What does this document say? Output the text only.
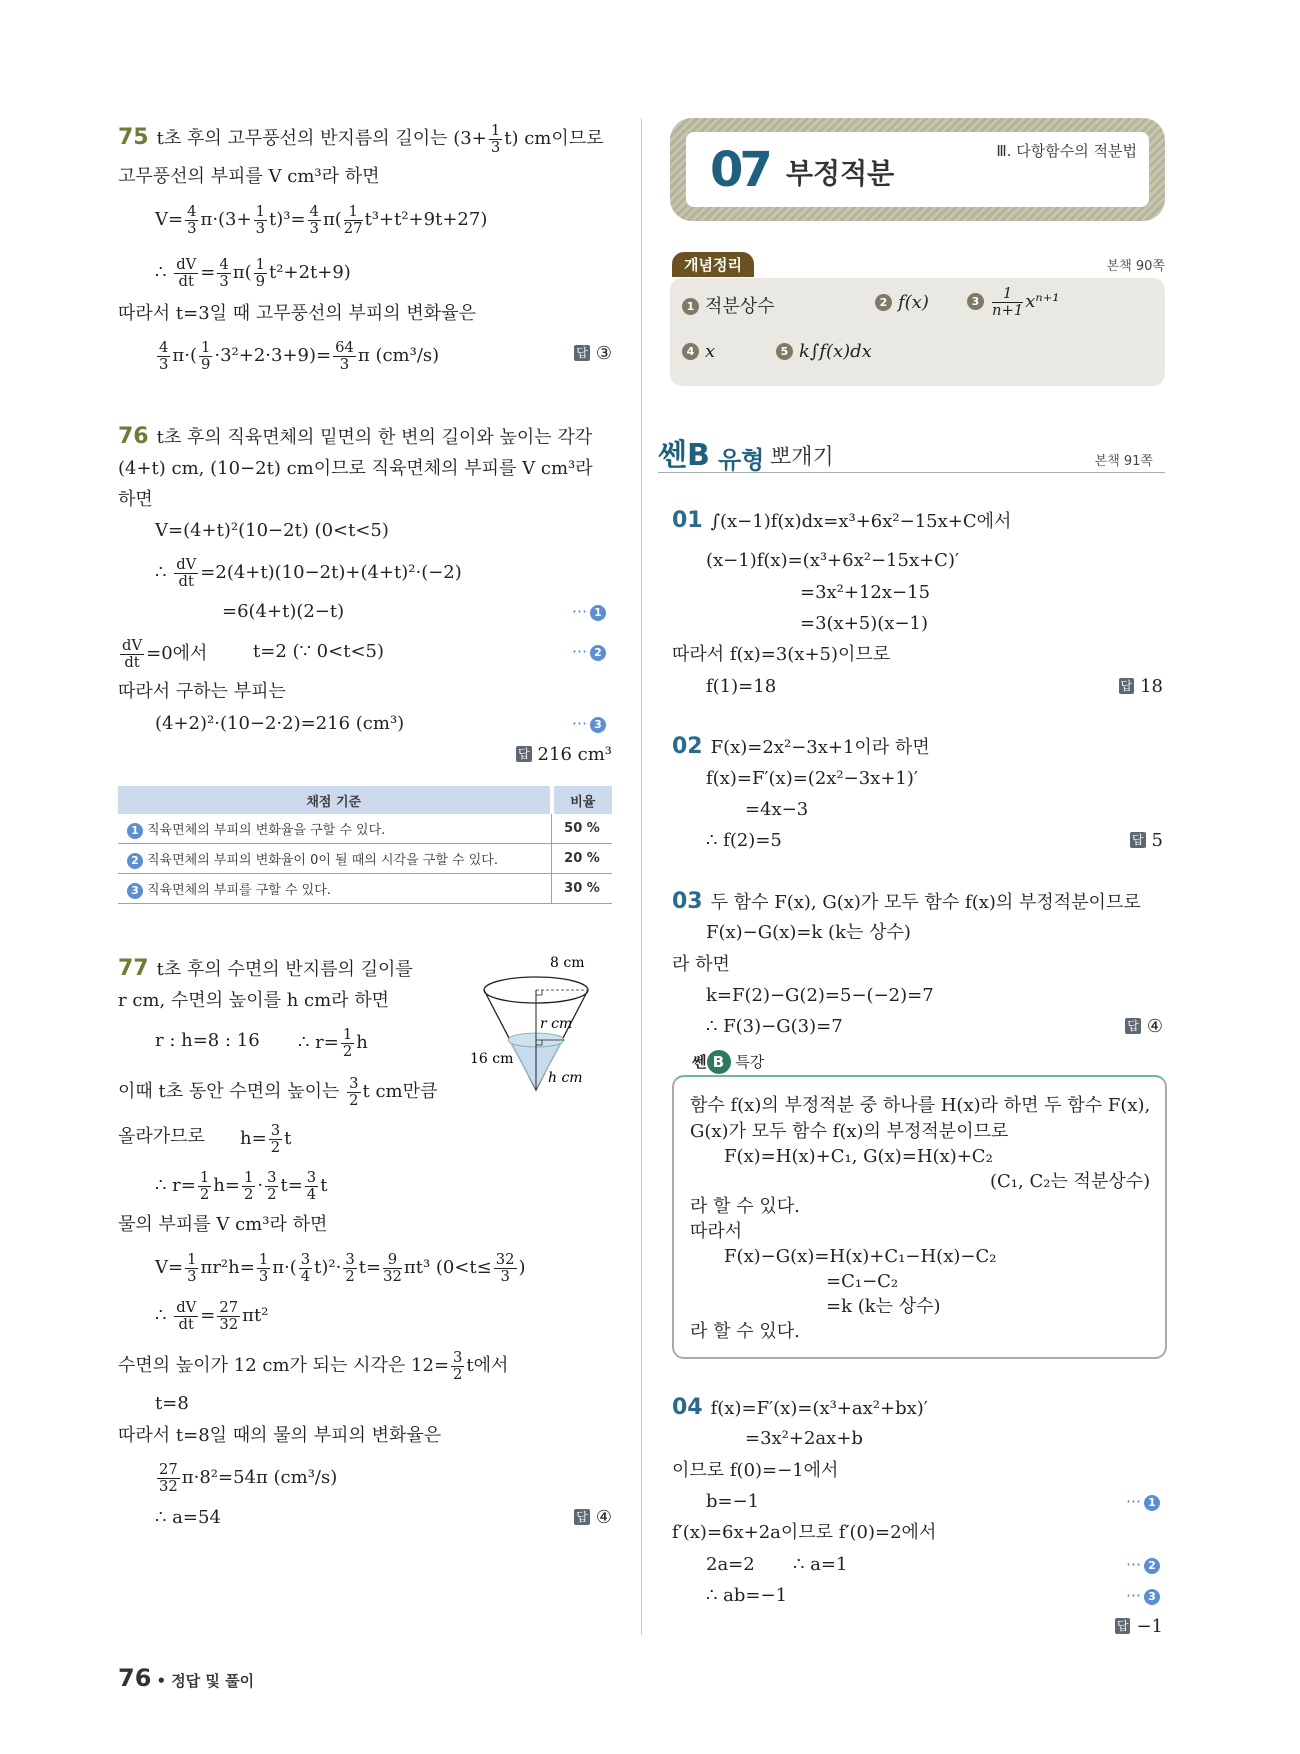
75 t초 후의 고무풍선의 반지름의 길이는 $(3+ \frac{1}{3} t)$ cm이므로
고무풍선의 부피를 V cm³라 하면
$V= \frac{4}{3} \pi\cdot(3+ \frac{1}{3} t)^3= \frac{4}{3} \pi( \frac{1}{27} t^3+t^2+9t+27)$
∴ $\frac{dV}{dt} = \frac{4}{3} \pi( \frac{1}{9} t^2+2t+9)$
따라서 t=3일 때 고무풍선의 부피의 변화율은
$\frac{4}{3} \pi\cdot( \frac{1}{9} \cdot 3^2+2\cdot 3+9)= \frac{64}{3}$ π (cm³/s)	답 ③
76 t초 후의 직육면체의 밑면의 한 변의 길이와 높이는 각각
(4+t) cm, (10−2t) cm이므로 직육면체의 부피를 V cm³라
하면
V=(4+t)²(10−2t) (0<t<5)
∴ $\frac{dV}{dt} =2(4+t)(10-2t)+(4+t)^2\cdot(-2)$
=6(4+t)(2−t)	⋯ 1
$\frac{dV}{dt} =0$에서	t=2 (∵ 0<t<5)	⋯ 2
따라서 구하는 부피는
(4+2)²·(10−2·2)=216 (cm³)	⋯ 3
답 216 cm³
채점 기준	비율
1 직육면체의 부피의 변화율을 구할 수 있다.	50 %
2 직육면체의 부피의 변화율이 0이 될 때의 시각을 구할 수 있다.	20 %
3 직육면체의 부피를 구할 수 있다.	30 %
77 t초 후의 수면의 반지름의 길이를
r cm, 수면의 높이를 h cm라 하면
r : h=8 : 16 ∴ $r= \frac{1}{2}$ h
이때 t초 동안 수면의 높이는 $\frac{3}{2}$ t cm만큼
올라가므로 $h= \frac{3}{2}$ t
∴ $r= \frac{1}{2} h= \frac{1}{2} \cdot \frac{3}{2} t= \frac{3}{4}$ t
물의 부피를 V cm³라 하면
$V= \frac{1}{3} \pi r^2h= \frac{1}{3} \pi\cdot( \frac{3}{4} t)^2\cdot \frac{3}{2} t= \frac{9}{32} \pi t^3$ ($0<t\le \frac{32}{3}$ )
∴ $\frac{dV}{dt} = \frac{27}{32} \pi t^2$
수면의 높이가 12 cm가 되는 시각은 $12= \frac{3}{2}$ t에서
t=8
따라서 t=8일 때의 물의 부피의 변화율은
$\frac{27}{32} \pi\cdot 8^2=54\pi$ (cm³/s)
∴ a=54	답 ④
8 cm
r cm
16 cm
h cm
76 • 정답 및 풀이
07 부정적분
Ⅲ. 다항함수의 적분법
개념정리	본책 90쪽
1 적분상수	2 f(x)	$3 \frac{1}{n+1} x^{n+1}$
4 x	5 k∫f(x)dx
쎈B 유형 뽀개기	본책 91쪽
01 ∫(x−1)f(x)dx=x³+6x²−15x+C에서
(x−1)f(x)=(x³+6x²−15x+C)′
=3x²+12x−15
=3(x+5)(x−1)
따라서 f(x)=3(x+5)이므로
f(1)=18	답 18
02 F(x)=2x²−3x+1이라 하면
f(x)=F′(x)=(2x²−3x+1)′
=4x−3
∴ f(2)=5	답 5
03 두 함수 F(x), G(x)가 모두 함수 f(x)의 부정적분이므로
F(x)−G(x)=k (k는 상수)
라 하면
k=F(2)−G(2)=5−(−2)=7
∴ F(3)−G(3)=7	답 ④
쎈 B 특강
함수 f(x)의 부정적분 중 하나를 H(x)라 하면 두 함수 F(x),
G(x)가 모두 함수 f(x)의 부정적분이므로
F(x)=H(x)+C₁, G(x)=H(x)+C₂
(C₁, C₂는 적분상수)
라 할 수 있다.
따라서
F(x)−G(x)=H(x)+C₁−H(x)−C₂
=C₁−C₂
=k (k는 상수)
라 할 수 있다.
04 f(x)=F′(x)=(x³+ax²+bx)′
=3x²+2ax+b
이므로 f(0)=−1에서
b=−1	⋯ 1
f′(x)=6x+2a이므로 f′(0)=2에서
2a=2 ∴ a=1	⋯ 2
∴ ab=−1	⋯ 3
답 −1
